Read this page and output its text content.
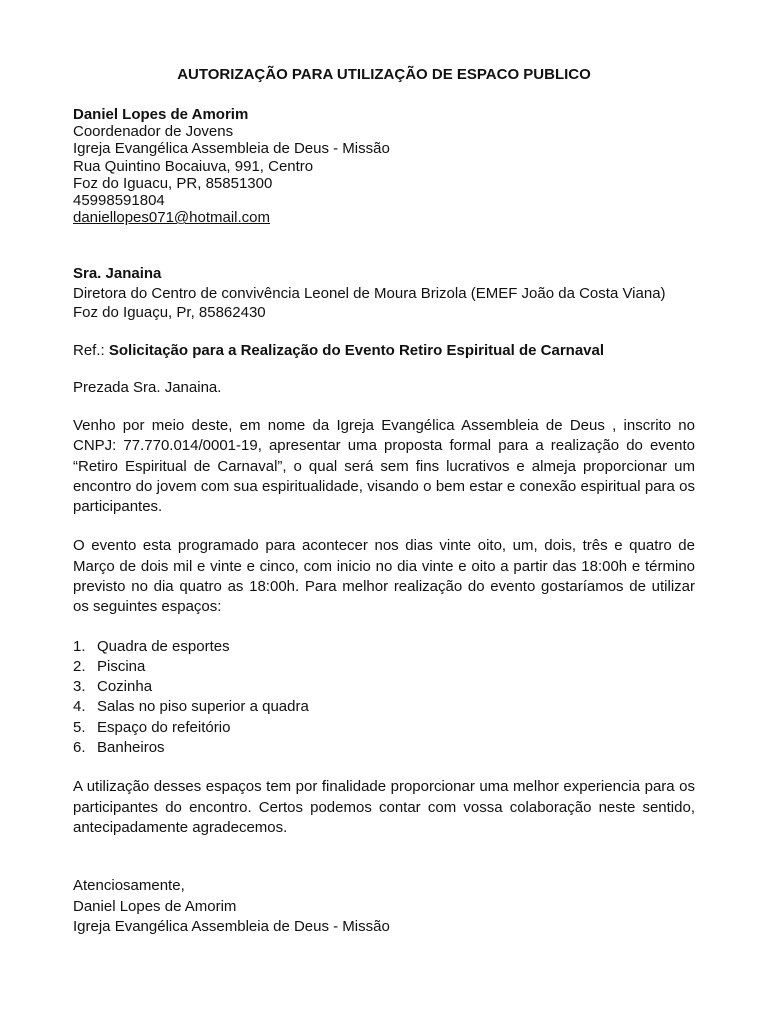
AUTORIZAÇÃO PARA UTILIZAÇÃO DE ESPACO PUBLICO
Daniel Lopes de Amorim
Coordenador de Jovens
Igreja Evangélica Assembleia de Deus - Missão
Rua Quintino Bocaiuva, 991, Centro
Foz do Iguacu, PR, 85851300
45998591804
daniellopes071@hotmail.com
Sra. Janaina
Diretora do Centro de convivência Leonel de Moura Brizola (EMEF João da Costa Viana)
Foz do Iguaçu, Pr, 85862430
Ref.: Solicitação para a Realização do Evento Retiro Espiritual de Carnaval
Prezada Sra. Janaina.
Venho por meio deste, em nome da Igreja Evangélica Assembleia de Deus , inscrito no CNPJ: 77.770.014/0001-19, apresentar uma proposta formal para a realização do evento “Retiro Espiritual de Carnaval”, o qual será sem fins lucrativos e almeja proporcionar um encontro do jovem com sua espiritualidade, visando o bem estar e conexão espiritual para os participantes.
O evento esta programado para acontecer nos dias vinte oito, um, dois, três e quatro de Março de dois mil e vinte e cinco, com inicio no dia vinte e oito a partir das 18:00h e término previsto no dia quatro as 18:00h. Para melhor realização do evento gostaríamos de utilizar os seguintes espaços:
1. Quadra de esportes
2. Piscina
3. Cozinha
4. Salas no piso superior a quadra
5. Espaço do refeitório
6. Banheiros
A utilização desses espaços tem por finalidade proporcionar uma melhor experiencia para os participantes do encontro. Certos podemos contar com vossa colaboração neste sentido, antecipadamente agradecemos.
Atenciosamente,
Daniel Lopes de Amorim
Igreja Evangélica Assembleia de Deus - Missão
